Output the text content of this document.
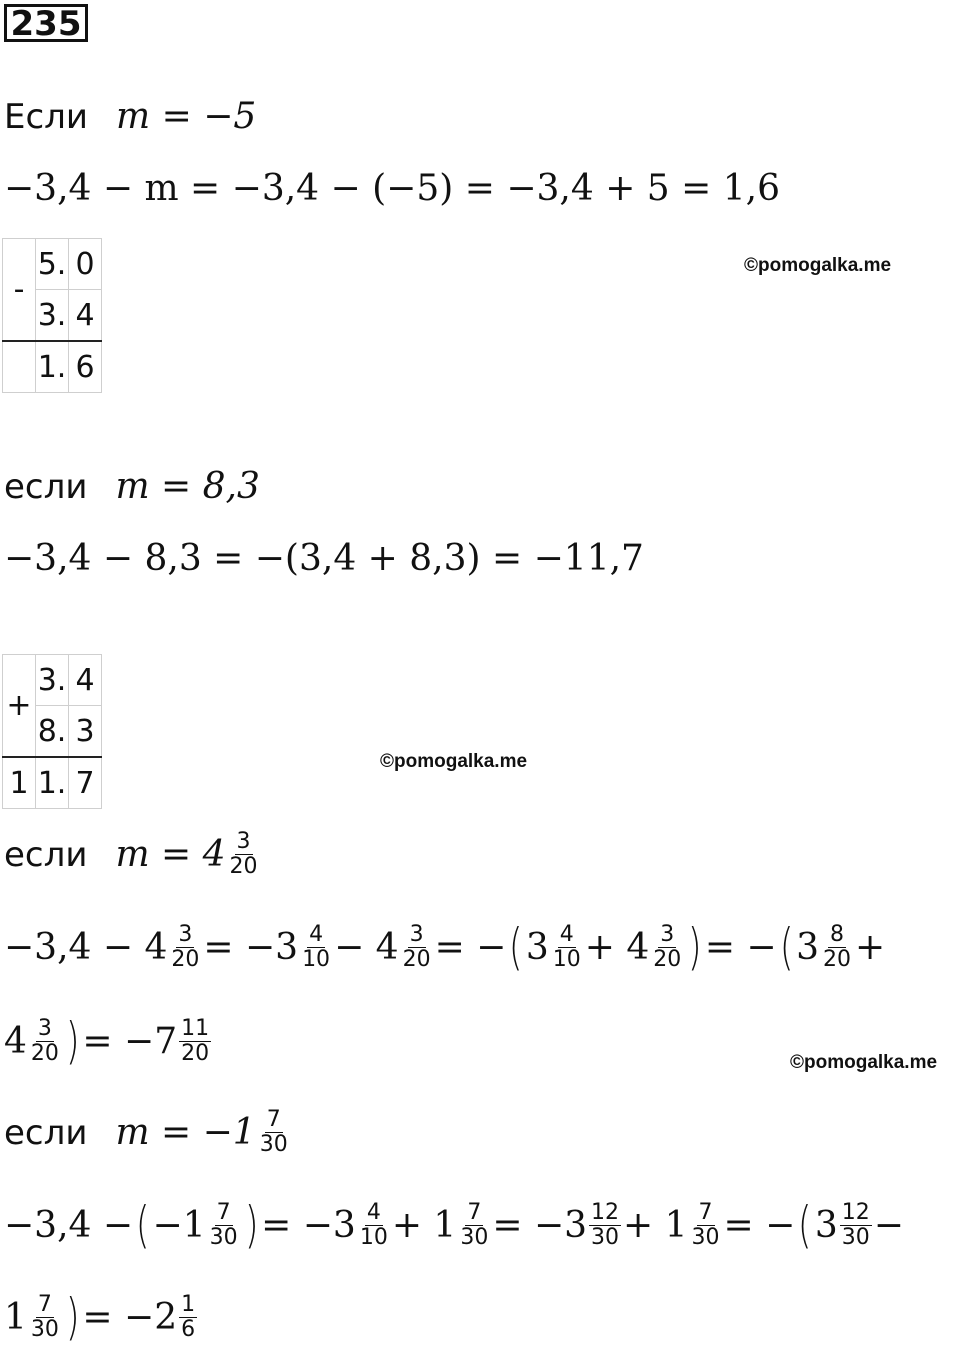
235
Если m = −5
−3,4 − m = −3,4 − (−5) = −3,4 + 5 = 1,6
-	5.	0
	3.	4
	1.	6
©pomogalka.me
если m = 8,3
−3,4 − 8,3 = −(3,4 + 8,3) = −11,7
+	3.	4
	8.	3
1	1.	7
©pomogalka.me
если $m = 4 \frac{3}{20}$
$-3,4 - 4 \frac{3}{20} = -3 \frac{4}{10} - 4 \frac{3}{20}$ = − ( $3 \frac{4}{10} + 4 \frac{3}{20}$ ) = − ( $3 \frac{8}{20}$ +
$4 \frac{3}{20}$ ) = $-7 \frac{11}{20}$	©pomogalka.me
если $m = -1 \frac{7}{30}$
−3,4 − ( $-1 \frac{7}{30}$ ) = $-3 \frac{4}{10} + 1 \frac{7}{30} = -3 \frac{12}{30} + 1 \frac{7}{30}$ = − ( $3 \frac{12}{30}$ −
$1 \frac{7}{30}$ ) = $-2 \frac{1}{6}$
